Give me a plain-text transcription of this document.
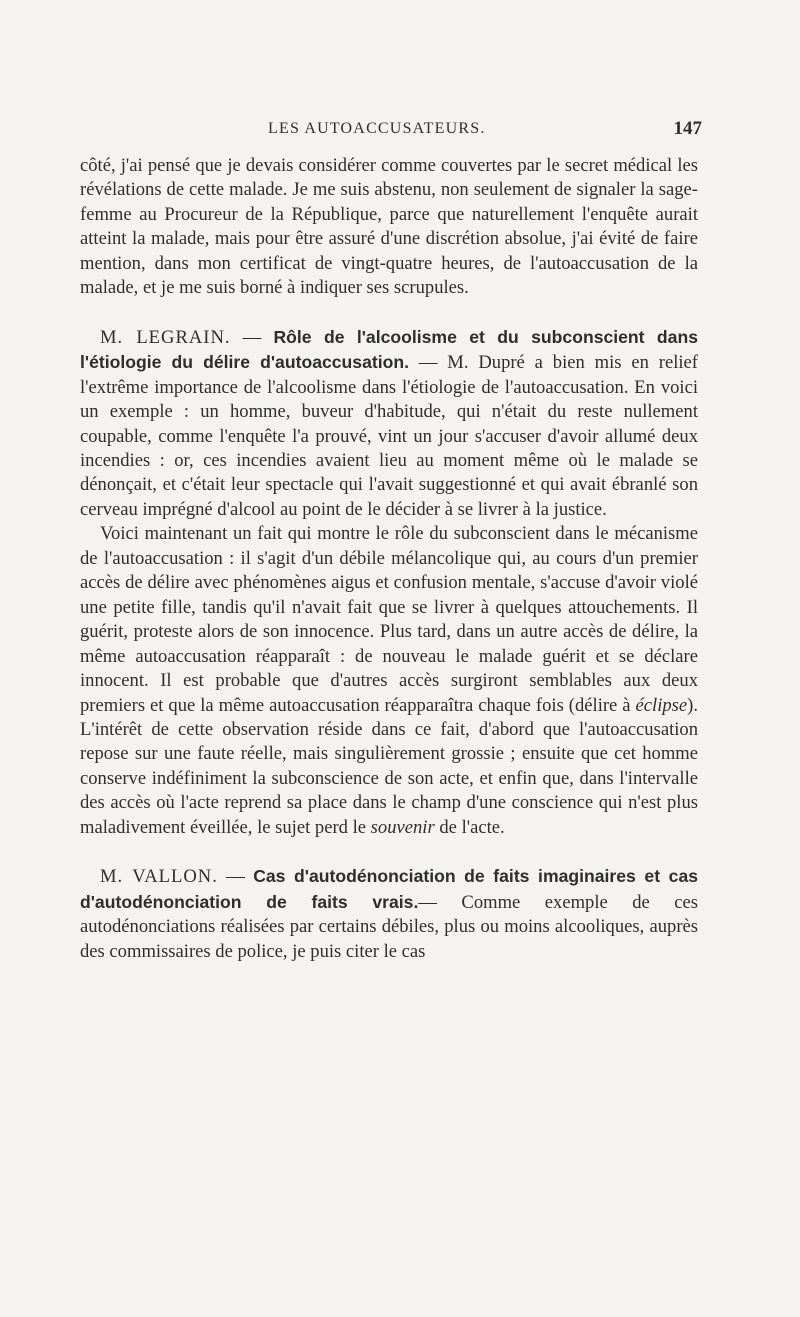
LES AUTOACCUSATEURS.	147

côté, j'ai pensé que je devais considérer comme couvertes par le secret médical les révélations de cette malade. Je me suis abstenu, non seulement de signaler la sage-femme au Procureur de la République, parce que naturellement l'enquête aurait atteint la malade, mais pour être assuré d'une discrétion absolue, j'ai évité de faire mention, dans mon certificat de vingt-quatre heures, de l'autoaccusation de la malade, et je me suis borné à indiquer ses scrupules.

M. LEGRAIN. — Rôle de l'alcoolisme et du subconscient dans l'étiologie du délire d'autoaccusation. — M. Dupré a bien mis en relief l'extrême importance de l'alcoolisme dans l'étiologie de l'autoaccusation. En voici un exemple : un homme, buveur d'habitude, qui n'était du reste nullement coupable, comme l'enquête l'a prouvé, vint un jour s'accuser d'avoir allumé deux incendies : or, ces incendies avaient lieu au moment même où le malade se dénonçait, et c'était leur spectacle qui l'avait suggestionné et qui avait ébranlé son cerveau imprégné d'alcool au point de le décider à se livrer à la justice.

Voici maintenant un fait qui montre le rôle du subconscient dans le mécanisme de l'autoaccusation : il s'agit d'un débile mélancolique qui, au cours d'un premier accès de délire avec phénomènes aigus et confusion mentale, s'accuse d'avoir violé une petite fille, tandis qu'il n'avait fait que se livrer à quelques attouchements. Il guérit, proteste alors de son innocence. Plus tard, dans un autre accès de délire, la même autoaccusation réapparaît : de nouveau le malade guérit et se déclare innocent. Il est probable que d'autres accès surgiront semblables aux deux premiers et que la même autoaccusation réapparaîtra chaque fois (délire à éclipse). L'intérêt de cette observation réside dans ce fait, d'abord que l'autoaccusation repose sur une faute réelle, mais singulièrement grossie ; ensuite que cet homme conserve indéfiniment la subconscience de son acte, et enfin que, dans l'intervalle des accès où l'acte reprend sa place dans le champ d'une conscience qui n'est plus maladivement éveillée, le sujet perd le souvenir de l'acte.

M. VALLON. — Cas d'autodénonciation de faits imaginaires et cas d'autodénonciation de faits vrais.— Comme exemple de ces autodénonciations réalisées par certains débiles, plus ou moins alcooliques, auprès des commissaires de police, je puis citer le cas
